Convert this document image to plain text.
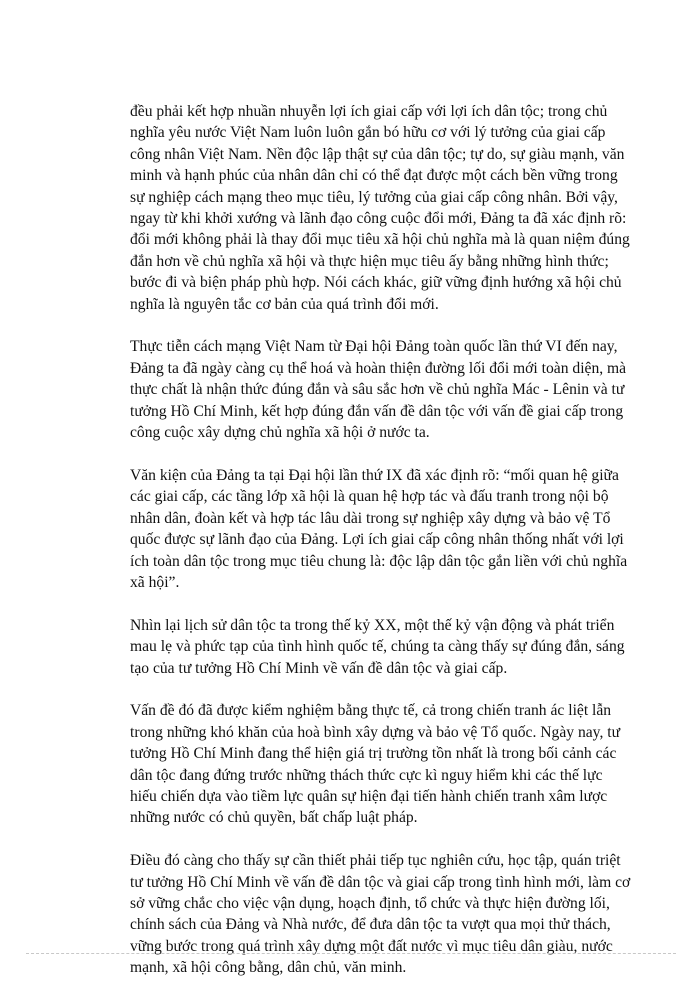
đều phải kết hợp nhuần nhuyễn lợi ích giai cấp với lợi ích dân tộc; trong chủ
nghĩa yêu nước Việt Nam luôn luôn gắn bó hữu cơ với lý tưởng của giai cấp
công nhân Việt Nam. Nền độc lập thật sự của dân tộc; tự do, sự giàu mạnh, văn
minh và hạnh phúc của nhân dân chỉ có thể đạt được một cách bền vững trong
sự nghiệp cách mạng theo mục tiêu, lý tưởng của giai cấp công nhân. Bởi vậy,
ngay từ khi khởi xướng và lãnh đạo công cuộc đổi mới, Đảng ta đã xác định rõ:
đổi mới không phải là thay đổi mục tiêu xã hội chủ nghĩa mà là quan niệm đúng
đắn hơn về chủ nghĩa xã hội và thực hiện mục tiêu ấy bằng những hình thức;
bước đi và biện pháp phù hợp. Nói cách khác, giữ vững định hướng xã hội chủ
nghĩa là nguyên tắc cơ bản của quá trình đổi mới.

Thực tiễn cách mạng Việt Nam từ Đại hội Đảng toàn quốc lần thứ VI đến nay,
Đảng ta đã ngày càng cụ thể hoá và hoàn thiện đường lối đổi mới toàn diện, mà
thực chất là nhận thức đúng đắn và sâu sắc hơn về chủ nghĩa Mác - Lênin và tư
tưởng Hồ Chí Minh, kết hợp đúng đắn vấn đề dân tộc với vấn đề giai cấp trong
công cuộc xây dựng chủ nghĩa xã hội ở nước ta.

Văn kiện của Đảng ta tại Đại hội lần thứ IX đã xác định rõ: “mối quan hệ giữa
các giai cấp, các tầng lớp xã hội là quan hệ hợp tác và đấu tranh trong nội bộ
nhân dân, đoàn kết và hợp tác lâu dài trong sự nghiệp xây dựng và bảo vệ Tổ
quốc được sự lãnh đạo của Đảng. Lợi ích giai cấp công nhân thống nhất với lợi
ích toàn dân tộc trong mục tiêu chung là: độc lập dân tộc gắn liền với chủ nghĩa
xã hội”.

Nhìn lại lịch sử dân tộc ta trong thế kỷ XX, một thế kỷ vận động và phát triển
mau lẹ và phức tạp của tình hình quốc tế, chúng ta càng thấy sự đúng đắn, sáng
tạo của tư tưởng Hồ Chí Minh về vấn đề dân tộc và giai cấp.

Vấn đề đó đã được kiểm nghiệm bằng thực tế, cả trong chiến tranh ác liệt lẫn
trong những khó khăn của hoà bình xây dựng và bảo vệ Tổ quốc. Ngày nay, tư
tưởng Hồ Chí Minh đang thể hiện giá trị trường tồn nhất là trong bối cảnh các
dân tộc đang đứng trước những thách thức cực kì nguy hiểm khi các thế lực
hiếu chiến dựa vào tiềm lực quân sự hiện đại tiến hành chiến tranh xâm lược
những nước có chủ quyền, bất chấp luật pháp.

Điều đó càng cho thấy sự cần thiết phải tiếp tục nghiên cứu, học tập, quán triệt
tư tưởng Hồ Chí Minh về vấn đề dân tộc và giai cấp trong tình hình mới, làm cơ
sở vững chắc cho việc vận dụng, hoạch định, tổ chức và thực hiện đường lối,
chính sách của Đảng và Nhà nước, để đưa dân tộc ta vượt qua mọi thử thách,
vững bước trong quá trình xây dựng một đất nước vì mục tiêu dân giàu, nước
mạnh, xã hội công bằng, dân chủ, văn minh.
